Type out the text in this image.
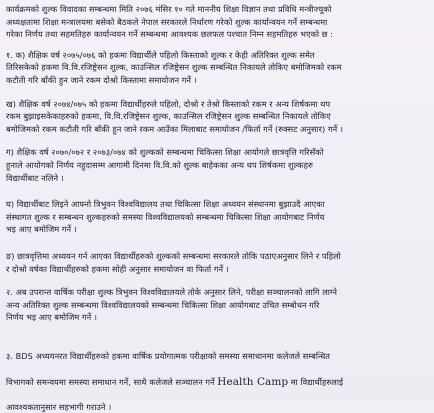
कार्यक्रमको शुल्क विवादका सम्बन्धमा मिति २०७६ मंसिर १० गते माननीय शिक्षा विज्ञान तथा प्रविधि मन्त्रीज्यूको
अध्यक्षतामा शिक्षा मन्त्रालयमा बसेको बैठकले नेपाल सरकारले निर्धारण गरेको शुल्क कार्यान्वयन गर्ने सम्बन्धमा
गरेका निर्णय तथा सहमतिहरु कार्यान्वयन गर्ने सम्बन्धमा आवश्यक छलफल पश्चात निम्न सहमतिहरु भएको छ :

१. क) शैक्षिक वर्ष २०७५/०७६ को हकमा विद्यार्थीले पहिलो किस्ताको शुल्क र केही अतिरिक्त शुल्क समेत
तिरिसकेको हकमा वि.वि.रजिष्ट्रेसन शुल्क, काउन्सिल रजिष्ट्रेसन शुल्क सम्बन्धित निकायले तोकिए बमोजिमको रकम
कटौती गरि बाँकी हुन जाने रकम दोश्रो किस्तामा समायोजन गर्ने ।

ख) शैक्षिक वर्ष २०७४/०७५ को हकमा विद्यार्थीहरुले पहिलो, दोश्रो र तेश्रो किस्ताको रकम र अन्य शिर्षकमा थप
रकम बुझाइसकेकाहरुको हकमा, वि.वि.रजिष्ट्रेसन शुल्क, काउन्सिल रजिष्ट्रेसन शुल्क सम्बन्धित निकायले तोकिए
बमोजिमको रकम कटौती गरि बाँकी हुन जाने रकम आउँका मिलाबाट समायोजन /फिर्ता गर्ने (रुक्सट अनुसार) गर्ने ।

ग) शैक्षिक वर्ष २०७०/०७२ र २०७३/०७४ को शुल्कको सम्बन्धमा चिकित्सा शिक्षा आयोगले छात्रवृत्ति गरिसँको
हुनाले आयोगको निर्णय नहुदासम्म आगामी दिनमा वि.वि.को शुल्क बाहेकका अन्य थप शिर्षकमा शुल्कहरु
विद्यार्थीबाट नलिने ।

घ) विद्यार्थीबाट लिइने आफ्नो त्रिभुवन विश्वविद्यालय तथा चिकित्सा शिक्षा अध्ययन संस्थानमा बुझाउदै आएका
संस्थागत शुल्क र सम्बन्धन शुल्कहरुको समस्या विश्वविद्यालयको सम्बन्धमा चिकित्सा शिक्षा आयोगबाट निर्णय
भइ आए बमोजिम गर्ने ।

ङ) छात्रवृत्तिमा अध्ययन गर्न आएका विद्यार्थीहरुको शुल्कको सम्बन्धमा सरकारले तोकि पठाएअनुसार लिने र पहिलो
र दोश्रो वर्षका विद्यार्थीहरुको हकमा सोही अनुसार समायोजन वा फिर्ता गर्ने ।

२. अब उपरान्त वार्षिक परीक्षा शुल्क त्रिभुवन विश्वविद्यालयले तोके अनुसार लिने, परीक्षा सञ्चालनको लागि लाग्ने
अन्य अतिरिक्त शुल्क सम्बन्धमा विश्वविद्यालयको सम्बन्धमा चिकित्सा शिक्षा आयोगबाट उचित सम्बोधन गरि
निर्णय भइ आए बमोजिम गर्ने ।

३. BDS अध्ययनरत विद्यार्थीहरुको हकमा वार्षिक प्रयोगात्मक परीक्षाको समस्या समाधानमा कलेजले सम्बन्धित

विभागको समन्वयमा समस्या समाधान गर्ने, साथै कलेजले सञ्चालन गर्ने Health Camp मा विद्यार्थीहरुलाई

आवश्यकतानुसार सहभागी गराउने ।
